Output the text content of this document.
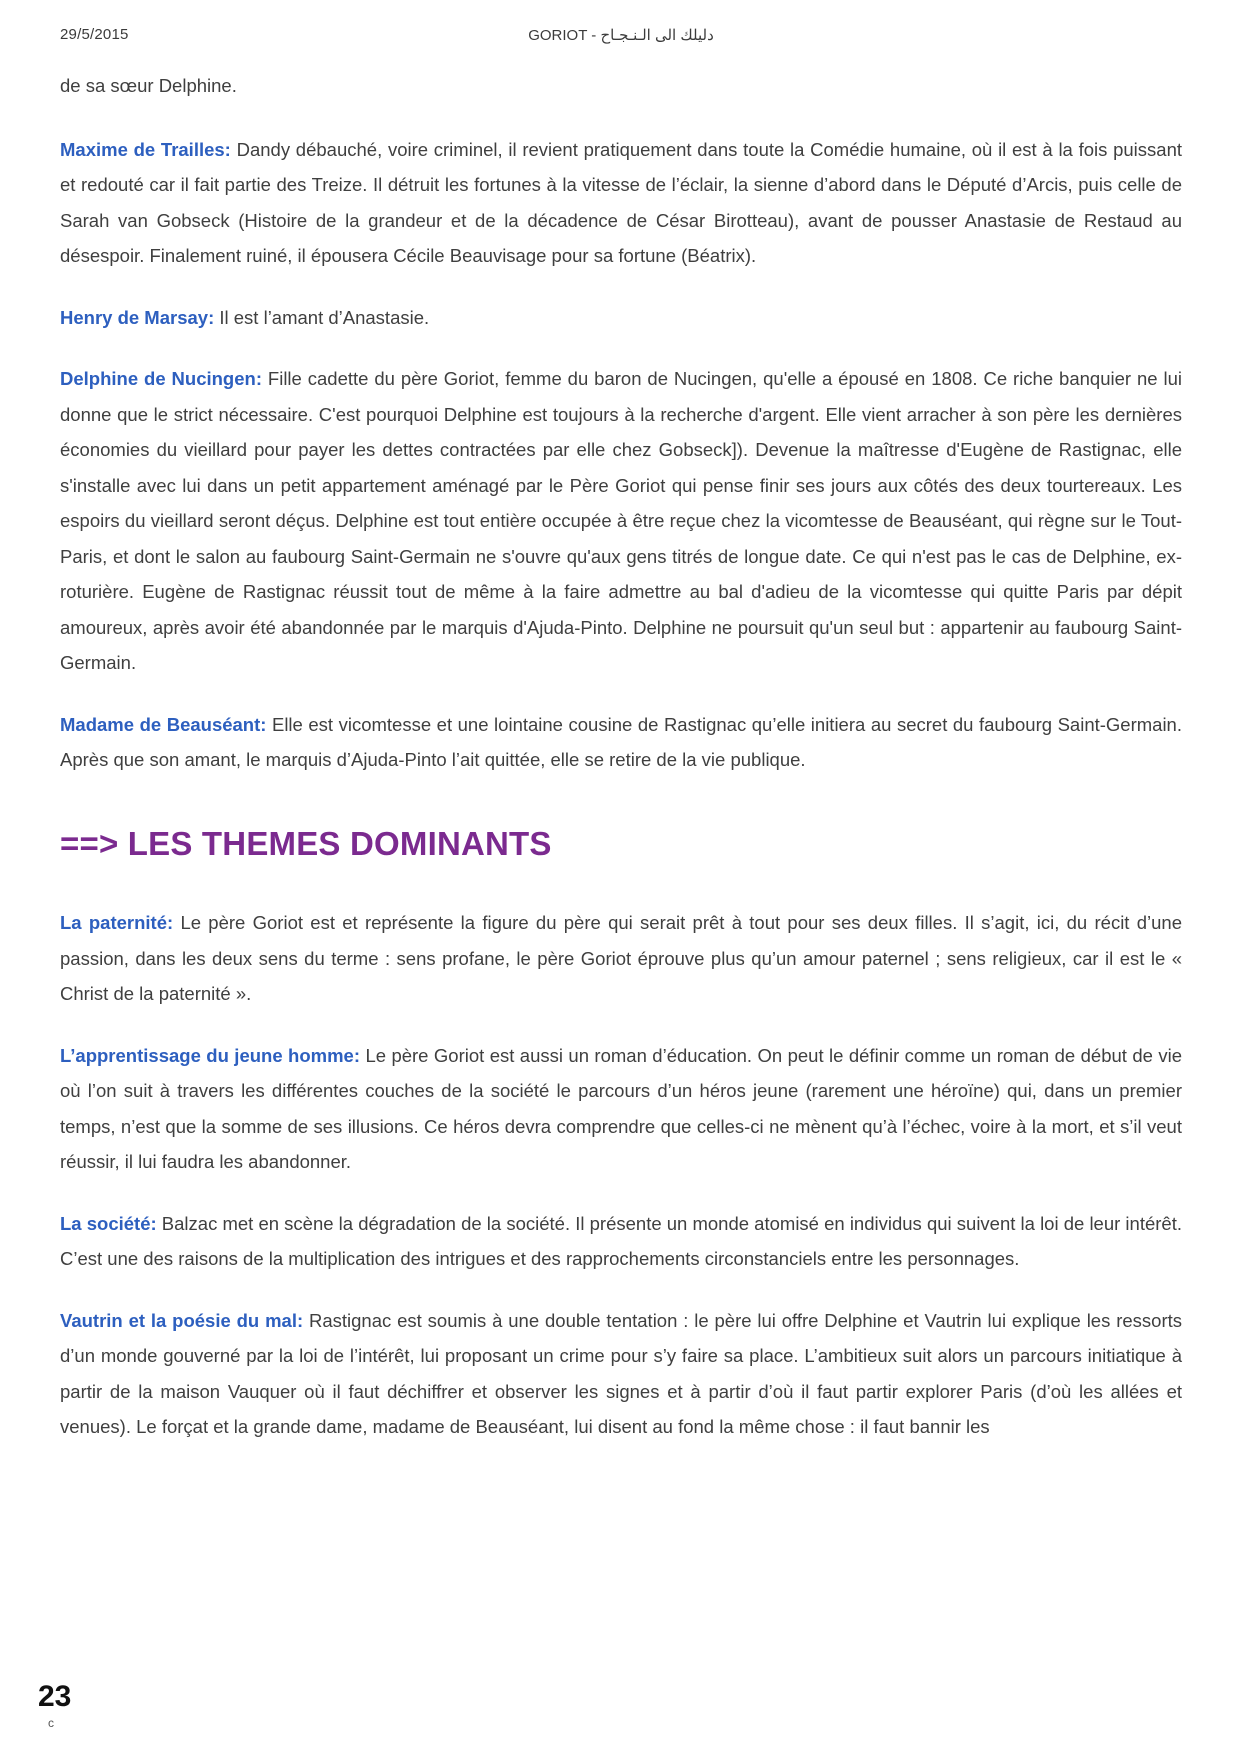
29/5/2015	GORIOT - دليلك الى الـنـجـاح

de sa sœur Delphine.

Maxime de Trailles: Dandy débauché, voire criminel, il revient pratiquement dans toute la Comédie humaine, où il est à la fois puissant et redouté car il fait partie des Treize. Il détruit les fortunes à la vitesse de l’éclair, la sienne d’abord dans le Député d’Arcis, puis celle de Sarah van Gobseck (Histoire de la grandeur et de la décadence de César Birotteau), avant de pousser Anastasie de Restaud au désespoir. Finalement ruiné, il épousera Cécile Beauvisage pour sa fortune (Béatrix).

Henry de Marsay: Il est l’amant d’Anastasie.

Delphine de Nucingen: Fille cadette du père Goriot, femme du baron de Nucingen, qu'elle a épousé en 1808. Ce riche banquier ne lui donne que le strict nécessaire. C'est pourquoi Delphine est toujours à la recherche d'argent. Elle vient arracher à son père les dernières économies du vieillard pour payer les dettes contractées par elle chez Gobseck]). Devenue la maîtresse d'Eugène de Rastignac, elle s'installe avec lui dans un petit appartement aménagé par le Père Goriot qui pense finir ses jours aux côtés des deux tourtereaux. Les espoirs du vieillard seront déçus. Delphine est tout entière occupée à être reçue chez la vicomtesse de Beauséant, qui règne sur le Tout-Paris, et dont le salon au faubourg Saint-Germain ne s'ouvre qu'aux gens titrés de longue date. Ce qui n'est pas le cas de Delphine, ex-roturière. Eugène de Rastignac réussit tout de même à la faire admettre au bal d'adieu de la vicomtesse qui quitte Paris par dépit amoureux, après avoir été abandonnée par le marquis d'Ajuda-Pinto. Delphine ne poursuit qu'un seul but : appartenir au faubourg Saint-Germain.

Madame de Beauséant: Elle est vicomtesse et une lointaine cousine de Rastignac qu’elle initiera au secret du faubourg Saint-Germain. Après que son amant, le marquis d’Ajuda-Pinto l’ait quittée, elle se retire de la vie publique.

==> LES THEMES DOMINANTS

La paternité: Le père Goriot est et représente la figure du père qui serait prêt à tout pour ses deux filles. Il s’agit, ici, du récit d’une passion, dans les deux sens du terme : sens profane, le père Goriot éprouve plus qu’un amour paternel ; sens religieux, car il est le « Christ de la paternité ».

L’apprentissage du jeune homme: Le père Goriot est aussi un roman d’éducation. On peut le définir comme un roman de début de vie où l’on suit à travers les différentes couches de la société le parcours d’un héros jeune (rarement une héroïne) qui, dans un premier temps, n’est que la somme de ses illusions. Ce héros devra comprendre que celles-ci ne mènent qu’à l’échec, voire à la mort, et s’il veut réussir, il lui faudra les abandonner.

La société: Balzac met en scène la dégradation de la société. Il présente un monde atomisé en individus qui suivent la loi de leur intérêt. C’est une des raisons de la multiplication des intrigues et des rapprochements circonstanciels entre les personnages.

Vautrin et la poésie du mal: Rastignac est soumis à une double tentation : le père lui offre Delphine et Vautrin lui explique les ressorts d’un monde gouverné par la loi de l’intérêt, lui proposant un crime pour s’y faire sa place. L’ambitieux suit alors un parcours initiatique à partir de la maison Vauquer où il faut déchiffrer et observer les signes et à partir d’où il faut partir explorer Paris (d’où les allées et venues). Le forçat et la grande dame, madame de Beauséant, lui disent au fond la même chose : il faut bannir les

23
c
